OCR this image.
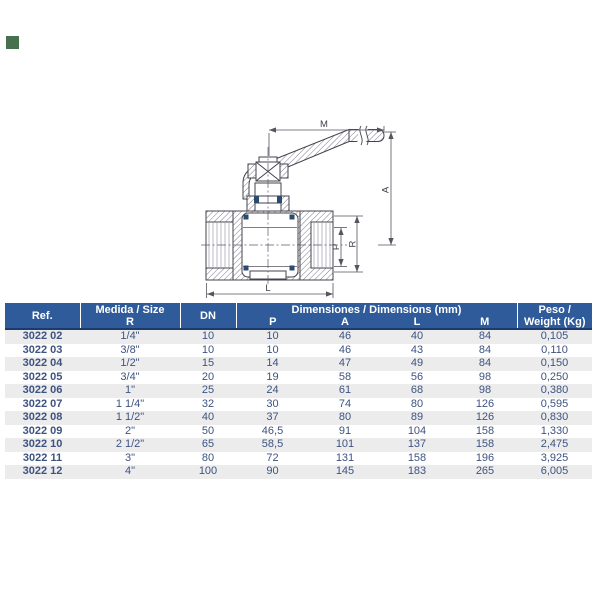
M
A
P R
L
Ref.	Medida / Size	DN	Dimensiones / Dimensions (mm)				Peso /
Weight (Kg)
	R		P	A	L	M	
3022 02	1/4"	10	10	46	40	84	0,105
3022 03	3/8"	10	10	46	43	84	0,110
3022 04	1/2"	15	14	47	49	84	0,150
3022 05	3/4"	20	19	58	56	98	0,250
3022 06	1"	25	24	61	68	98	0,380
3022 07	1 1/4"	32	30	74	80	126	0,595
3022 08	1 1/2"	40	37	80	89	126	0,830
3022 09	2"	50	46,5	91	104	158	1,330
3022 10	2 1/2"	65	58,5	101	137	158	2,475
3022 11	3"	80	72	131	158	196	3,925
3022 12	4"	100	90	145	183	265	6,005
